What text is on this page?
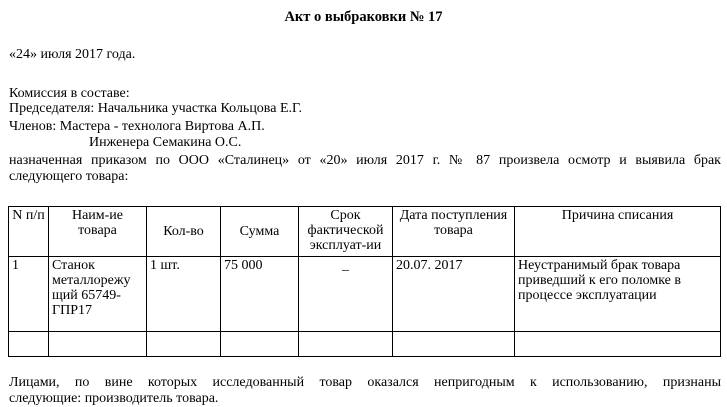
Акт о выбраковки № 17
«24» июля 2017 года.
Комиссия в составе:
Председателя: Начальника участка Кольцова Е.Г.
Членов: Мастера - технолога Виртова А.П.
Инженера Семакина О.С.
назначенная приказом по ООО «Сталинец» от «20» июля 2017 г. № 87 произвела осмотр и выявила брак
следующего товара:
N п/п	Наим-ие товара	Кол-во	Сумма	Срок фактической эксплуат-ии	Дата поступления товара	Причина списания
1	Станок металлорежу щий 65749-ГПР17	1 шт.	75 000	_	20.07. 2017	Неустранимый брак товара приведший к его поломке в процессе эксплуатации

Лицами, по вине которых исследованный товар оказался непригодным к использованию, признаны
следующие: производитель товара.
